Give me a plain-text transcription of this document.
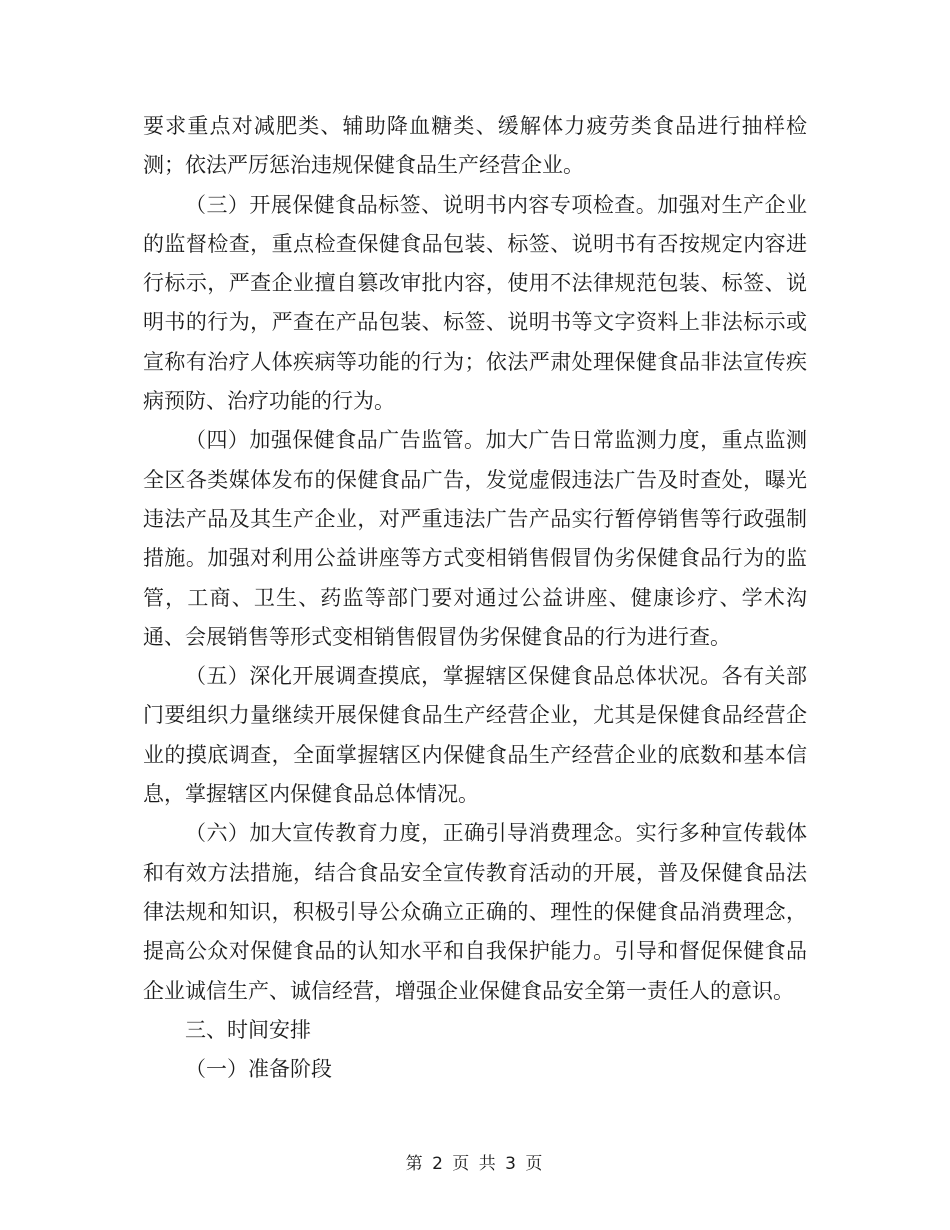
要求重点对减肥类、辅助降血糖类、缓解体力疲劳类食品进行抽样检测；依法严厉惩治违规保健食品生产经营企业。

（三）开展保健食品标签、说明书内容专项检查。加强对生产企业的监督检查，重点检查保健食品包装、标签、说明书有否按规定内容进行标示，严查企业擅自篡改审批内容，使用不法律规范包装、标签、说明书的行为，严查在产品包装、标签、说明书等文字资料上非法标示或宣称有治疗人体疾病等功能的行为；依法严肃处理保健食品非法宣传疾病预防、治疗功能的行为。

（四）加强保健食品广告监管。加大广告日常监测力度，重点监测全区各类媒体发布的保健食品广告，发觉虚假违法广告及时查处，曝光违法产品及其生产企业，对严重违法广告产品实行暂停销售等行政强制措施。加强对利用公益讲座等方式变相销售假冒伪劣保健食品行为的监管，工商、卫生、药监等部门要对通过公益讲座、健康诊疗、学术沟通、会展销售等形式变相销售假冒伪劣保健食品的行为进行查。

（五）深化开展调查摸底，掌握辖区保健食品总体状况。各有关部门要组织力量继续开展保健食品生产经营企业，尤其是保健食品经营企业的摸底调查，全面掌握辖区内保健食品生产经营企业的底数和基本信息，掌握辖区内保健食品总体情况。

（六）加大宣传教育力度，正确引导消费理念。实行多种宣传载体和有效方法措施，结合食品安全宣传教育活动的开展，普及保健食品法律法规和知识，积极引导公众确立正确的、理性的保健食品消费理念，提高公众对保健食品的认知水平和自我保护能力。引导和督促保健食品企业诚信生产、诚信经营，增强企业保健食品安全第一责任人的意识。

三、时间安排

（一）准备阶段

第 2 页 共 3 页
